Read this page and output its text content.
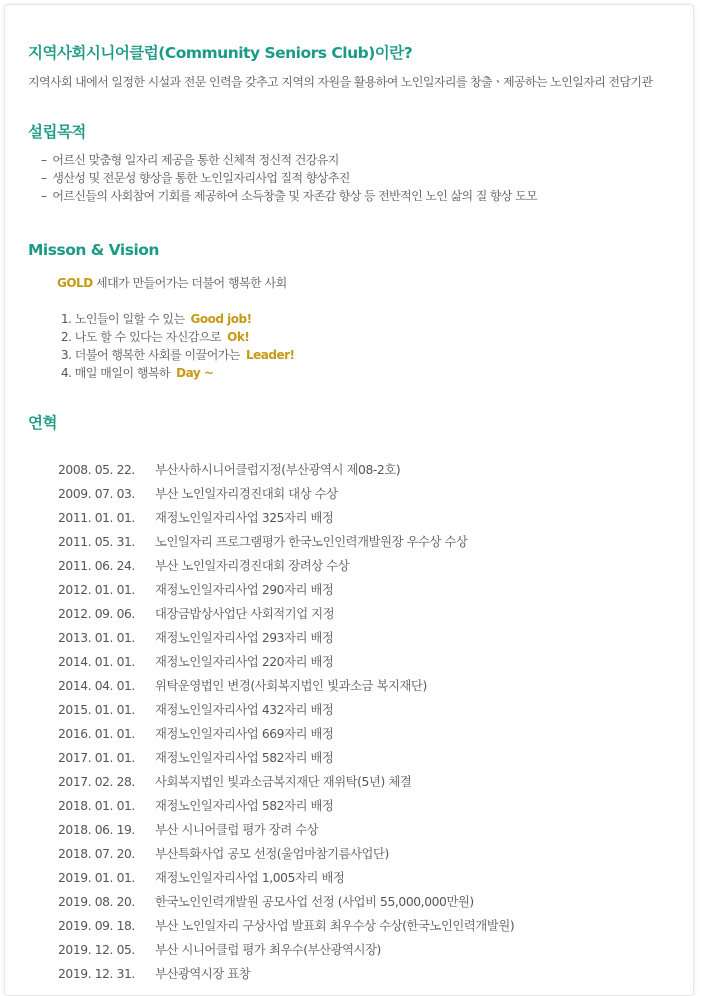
지역사회시니어클럽(Community Seniors Club)이란?

지역사회 내에서 일정한 시설과 전문 인력을 갖추고 지역의 자원을 활용하여 노인일자리를 창출ㆍ제공하는 노인일자리 전담기관

설립목적
– 어르신 맞춤형 일자리 제공을 통한 신체적 정신적 건강유지
– 생산성 및 전문성 향상을 통한 노인일자리사업 질적 향상추진
– 어르신들의 사회참여 기회를 제공하여 소득창출 및 자존감 향상 등 전반적인 노인 삶의 질 향상 도모
Misson & Vision
GOLD 세대가 만들어가는 더불어 행복한 사회
1. 노인들이 일할 수 있는 Good job!
2. 나도 할 수 있다는 자신감으로 Ok!
3. 더불어 행복한 사회를 이끌어가는 Leader!
4. 매일 매일이 행복하 Day ~
연혁
2008. 05. 22. 부산사하시니어클럽지정(부산광역시 제08-2호)
2009. 07. 03. 부산 노인일자리경진대회 대상 수상
2011. 01. 01. 재정노인일자리사업 325자리 배정
2011. 05. 31. 노인일자리 프로그램평가 한국노인인력개발원장 우수상 수상
2011. 06. 24. 부산 노인일자리경진대회 장려상 수상
2012. 01. 01. 재정노인일자리사업 290자리 배정
2012. 09. 06. 대장금밥상사업단 사회적기업 지정
2013. 01. 01. 재정노인일자리사업 293자리 배정
2014. 01. 01. 재정노인일자리사업 220자리 배정
2014. 04. 01. 위탁운영법인 변경(사회복지법인 빛과소금 복지재단)
2015. 01. 01. 재정노인일자리사업 432자리 배정
2016. 01. 01. 재정노인일자리사업 669자리 배정
2017. 01. 01. 재정노인일자리사업 582자리 배정
2017. 02. 28. 사회복지법인 빛과소금복지재단 재위탁(5년) 체결
2018. 01. 01. 재정노인일자리사업 582자리 배정
2018. 06. 19. 부산 시니어클럽 평가 장려 수상
2018. 07. 20. 부산특화사업 공모 선정(울엄마참기름사업단)
2019. 01. 01. 재정노인일자리사업 1,005자리 배정
2019. 08. 20. 한국노인인력개발원 공모사업 선정 (사업비 55,000,000만원)
2019. 09. 18. 부산 노인일자리 구상사업 발표회 최우수상 수상(한국노인인력개발원)
2019. 12. 05. 부산 시니어클럽 평가 최우수(부산광역시장)
2019. 12. 31. 부산광역시장 표창
